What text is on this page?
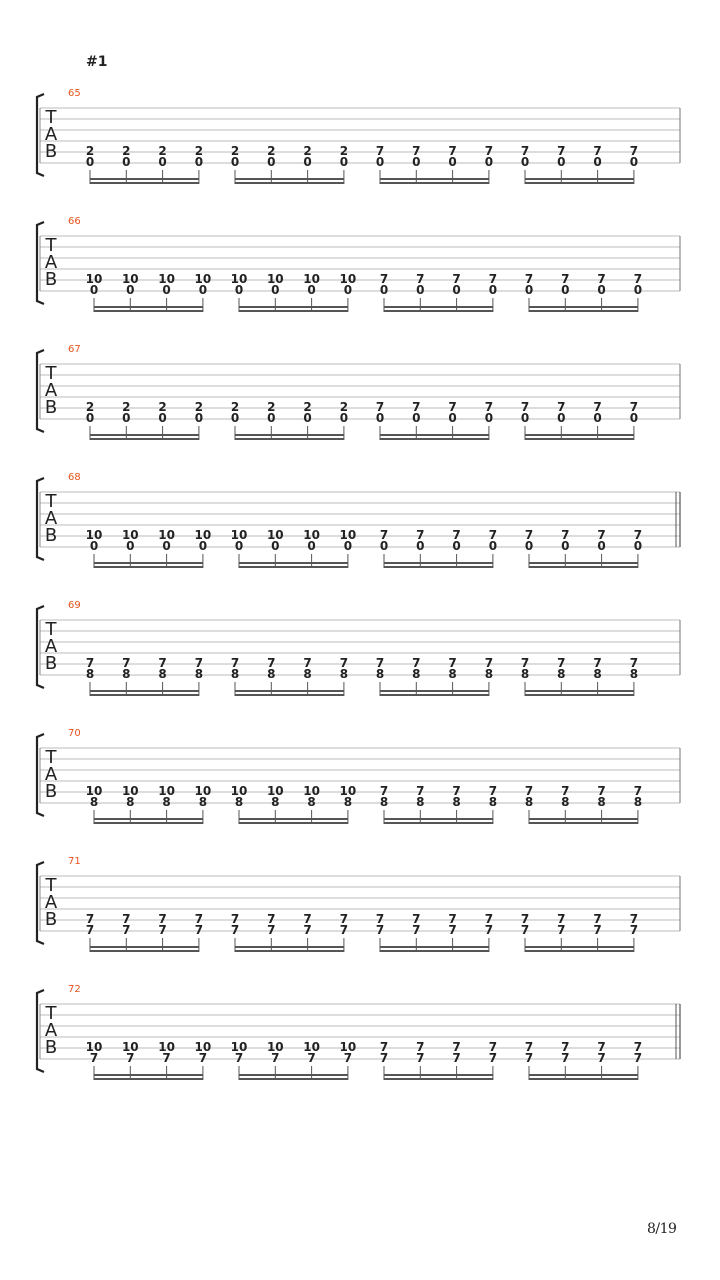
#1
T
A
B
65
2
0
2
0
2
0
2
0
2
0
2
0
2
0
2
0
7
0
7
0
7
0
7
0
7
0
7
0
7
0
7
0
T
A
B
66
10
0
10
0
10
0
10
0
10
0
10
0
10
0
10
0
7
0
7
0
7
0
7
0
7
0
7
0
7
0
7
0
T
A
B
67
2
0
2
0
2
0
2
0
2
0
2
0
2
0
2
0
7
0
7
0
7
0
7
0
7
0
7
0
7
0
7
0
T
A
B
68
10
0
10
0
10
0
10
0
10
0
10
0
10
0
10
0
7
0
7
0
7
0
7
0
7
0
7
0
7
0
7
0
T
A
B
69
7
8
7
8
7
8
7
8
7
8
7
8
7
8
7
8
7
8
7
8
7
8
7
8
7
8
7
8
7
8
7
8
T
A
B
70
10
8
10
8
10
8
10
8
10
8
10
8
10
8
10
8
7
8
7
8
7
8
7
8
7
8
7
8
7
8
7
8
T
A
B
71
7
7
7
7
7
7
7
7
7
7
7
7
7
7
7
7
7
7
7
7
7
7
7
7
7
7
7
7
7
7
7
7
T
A
B
72
10
7
10
7
10
7
10
7
10
7
10
7
10
7
10
7
7
7
7
7
7
7
7
7
7
7
7
7
7
7
7
7
8/19
